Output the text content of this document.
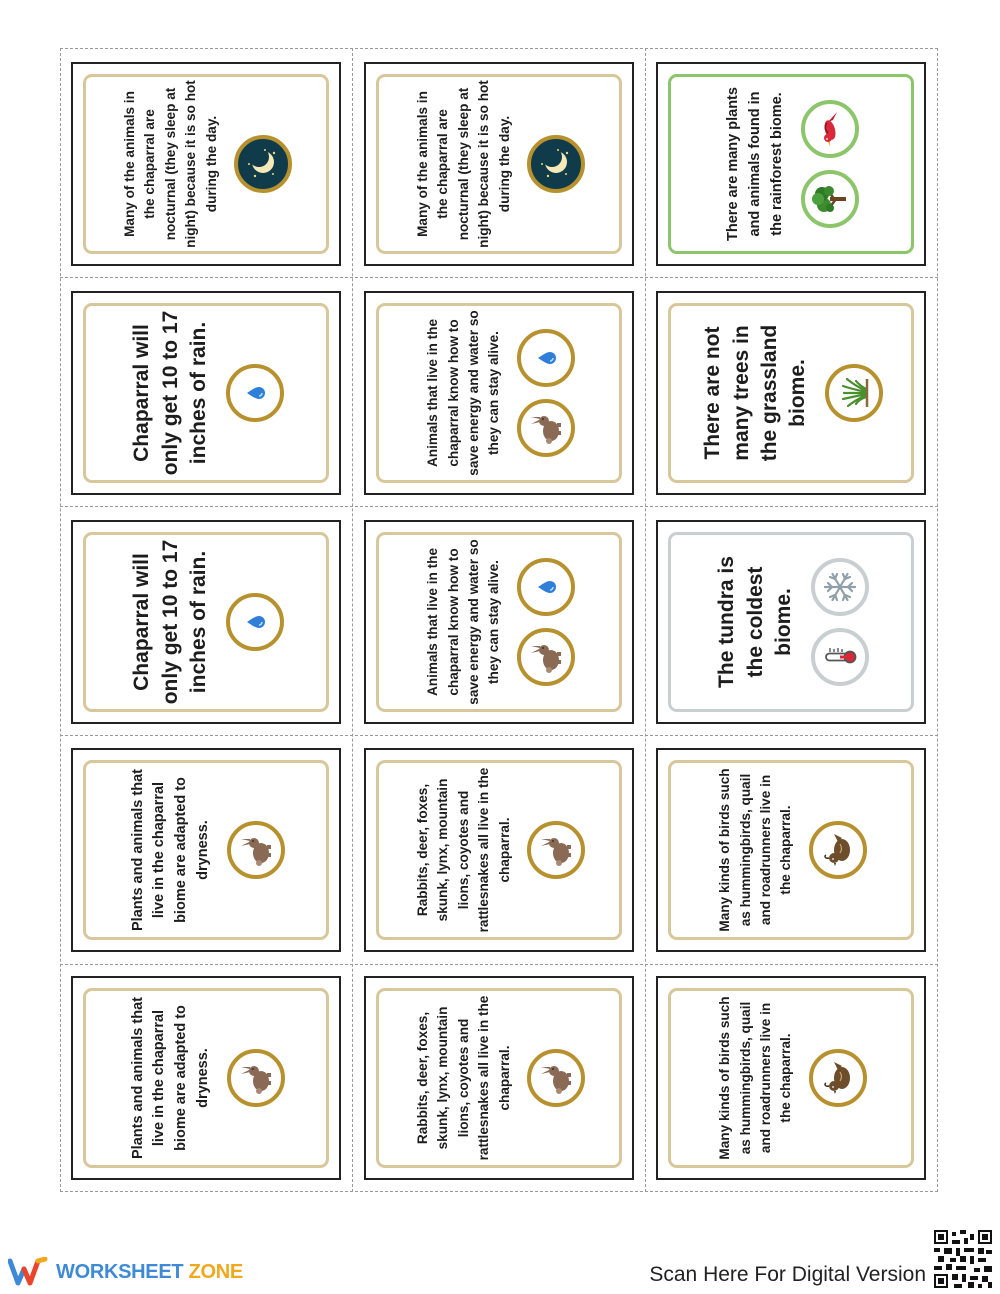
Many of the animals in the chaparral are nocturnal (they sleep at night) because it is so hot during the day.	Many of the animals in the chaparral are nocturnal (they sleep at night) because it is so hot during the day.	There are many plants and animals found in the rainforest biome.
Chaparral will only get 10 to 17 inches of rain.	Animals that live in the chaparral know how to save energy and water so they can stay alive.	There are not many trees in the grassland biome.
Chaparral will only get 10 to 17 inches of rain.	Animals that live in the chaparral know how to save energy and water so they can stay alive.	The tundra is the coldest biome.
Plants and animals that live in the chaparral biome are adapted to dryness.	Rabbits, deer, foxes, skunk, lynx, mountain lions, coyotes and rattlesnakes all live in the chaparral.	Many kinds of birds such as hummingbirds, quail and roadrunners live in the chaparral.
Plants and animals that live in the chaparral biome are adapted to dryness.	Rabbits, deer, foxes, skunk, lynx, mountain lions, coyotes and rattlesnakes all live in the chaparral.	Many kinds of birds such as hummingbirds, quail and roadrunners live in the chaparral.
WORKSHEET ZONE	Scan Here For Digital Version
